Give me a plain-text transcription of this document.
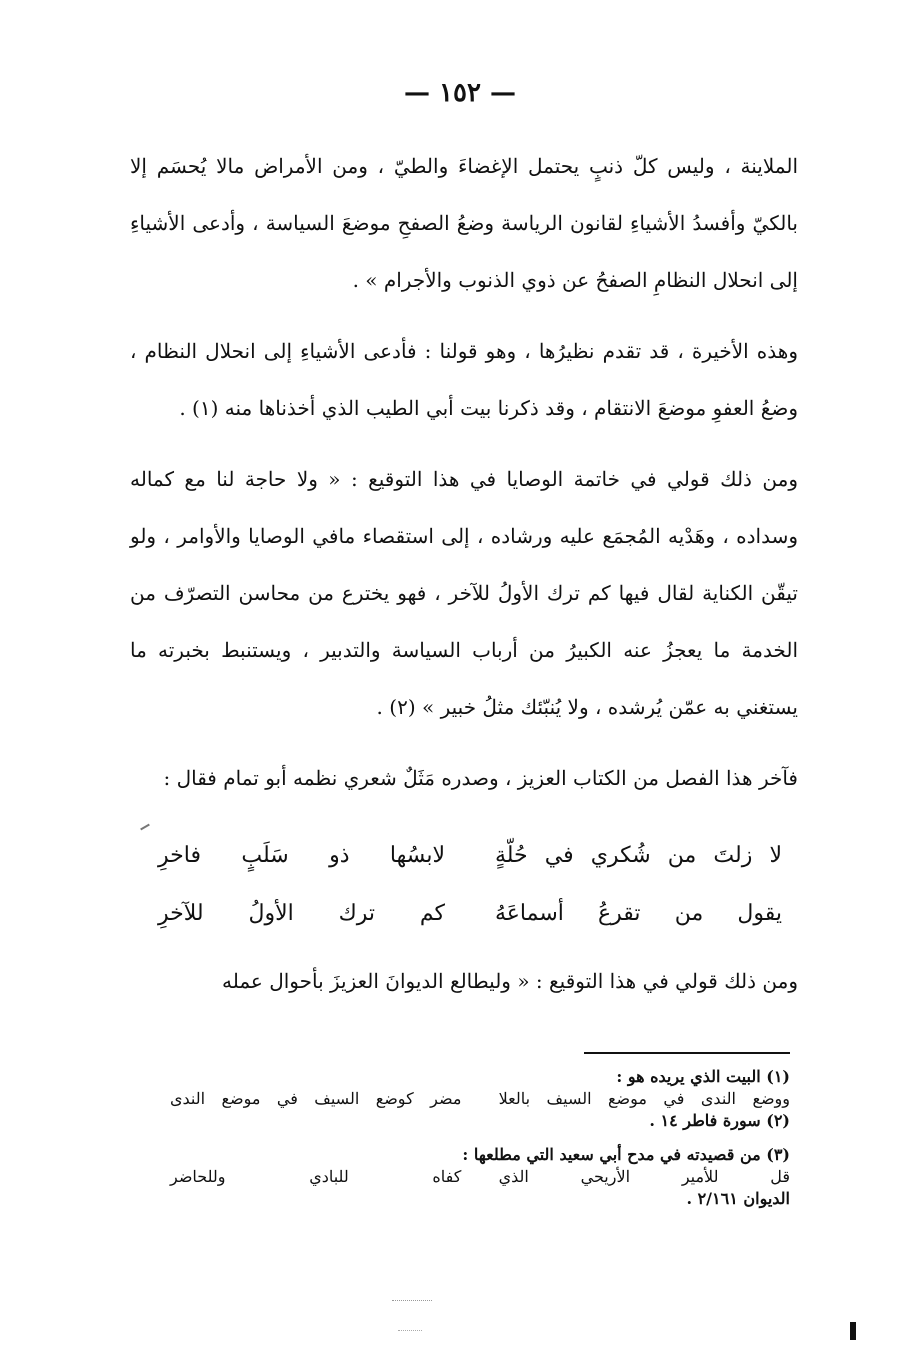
— ١٥٢ —

الملاينة ، وليس كلّ ذنبٍ يحتمل الإغضاءَ والطيّ ، ومن الأمراض مالا يُحسَم إلا بالكيّ وأفسدُ الأشياءِ لقانون الرياسة وضعُ الصفحِ موضعَ السياسة ، وأدعى الأشياءِ إلى انحلال النظامِ الصفحُ عن ذوي الذنوب والأجرام » .

وهذه الأخيرة ، قد تقدم نظيرُها ، وهو قولنا : فأدعى الأشياءِ إلى انحلال النظام ، وضعُ العفوِ موضعَ الانتقام ، وقد ذكرنا بيت أبي الطيب الذي أخذناها منه (١) .

ومن ذلك قولي في خاتمة الوصايا في هذا التوقيع : « ولا حاجة لنا مع كماله وسداده ، وهَدْيه المُجمَع عليه ورشاده ، إلى استقصاء مافي الوصايا والأوامر ، ولو تيقّن الكناية لقال فيها كم ترك الأولُ للآخر ، فهو يخترع من محاسن التصرّف من الخدمة ما يعجزُ عنه الكبيرُ من أرباب السياسة والتدبير ، ويستنبط بخبرته ما يستغني به عمّن يُرشده ، ولا يُنبّئك مثلُ خبير » (٢) .

فآخر هذا الفصل من الكتاب العزيز ، وصدره مَثَلٌ شعري نظمه أبو تمام فقال :

لا زلتَ من شُكري في حُلّةٍ
لابسُها ذو سَلَبٍ فاخرِ
يقول من تقرعُ أسماعَهُ
كم ترك الأولُ للآخرِ

ومن ذلك قولي في هذا التوقيع : « وليطالع الديوانَ العزيزَ بأحوال عمله

(١) البيت الذي يريده هو :

ووضع الندى في موضع السيف بالعلا
مضر كوضع السيف في موضع الندى

(٢) سورة فاطر ١٤ .

(٣) من قصيدته في مدح أبي سعيد التي مطلعها :

قل للأمير الأريحي الذي
كفاه للبادي وللحاضر

الديوان ٢/١٦١ .
